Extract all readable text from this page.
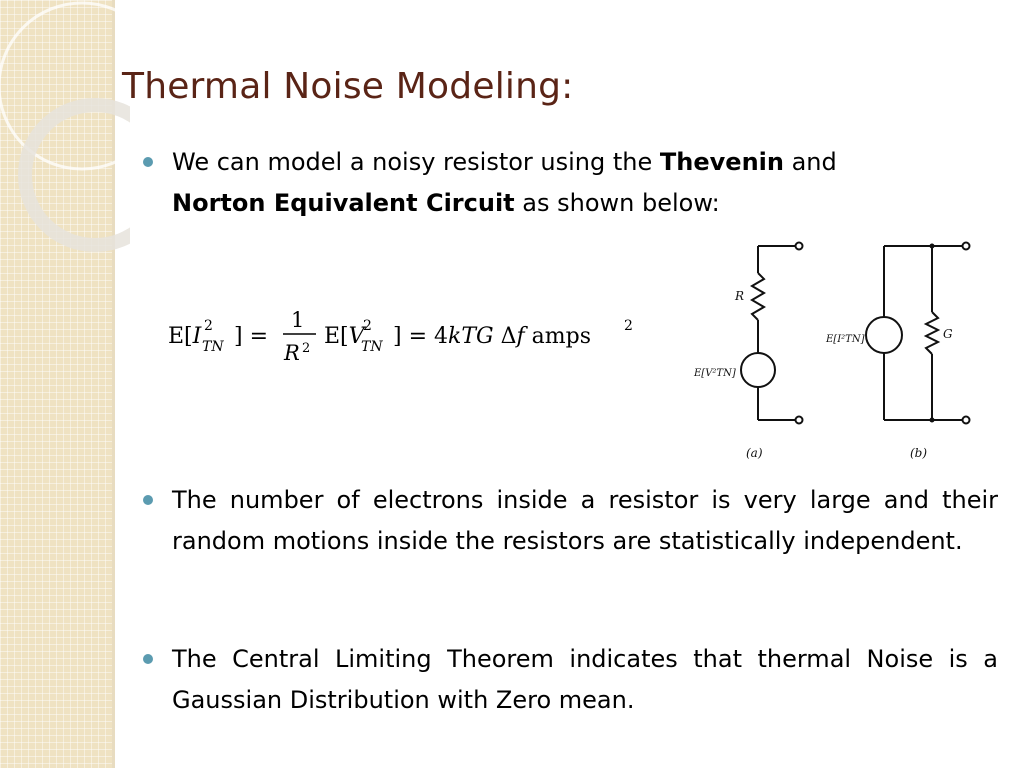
Thermal Noise Modeling:

We can model a noisy resistor using the Thevenin and
Norton Equivalent Circuit as shown below:

E[I 2
TN ] =
1
R 2 E[V
2
TN ] = 4kTG Δf amps 2
R
E[V²TN]
(a)
E[I²TN]	G
(b)

The number of electrons inside a resistor is very large and their random motions inside the resistors are statistically independent.

The Central Limiting Theorem indicates that thermal Noise is a Gaussian Distribution with Zero mean.
